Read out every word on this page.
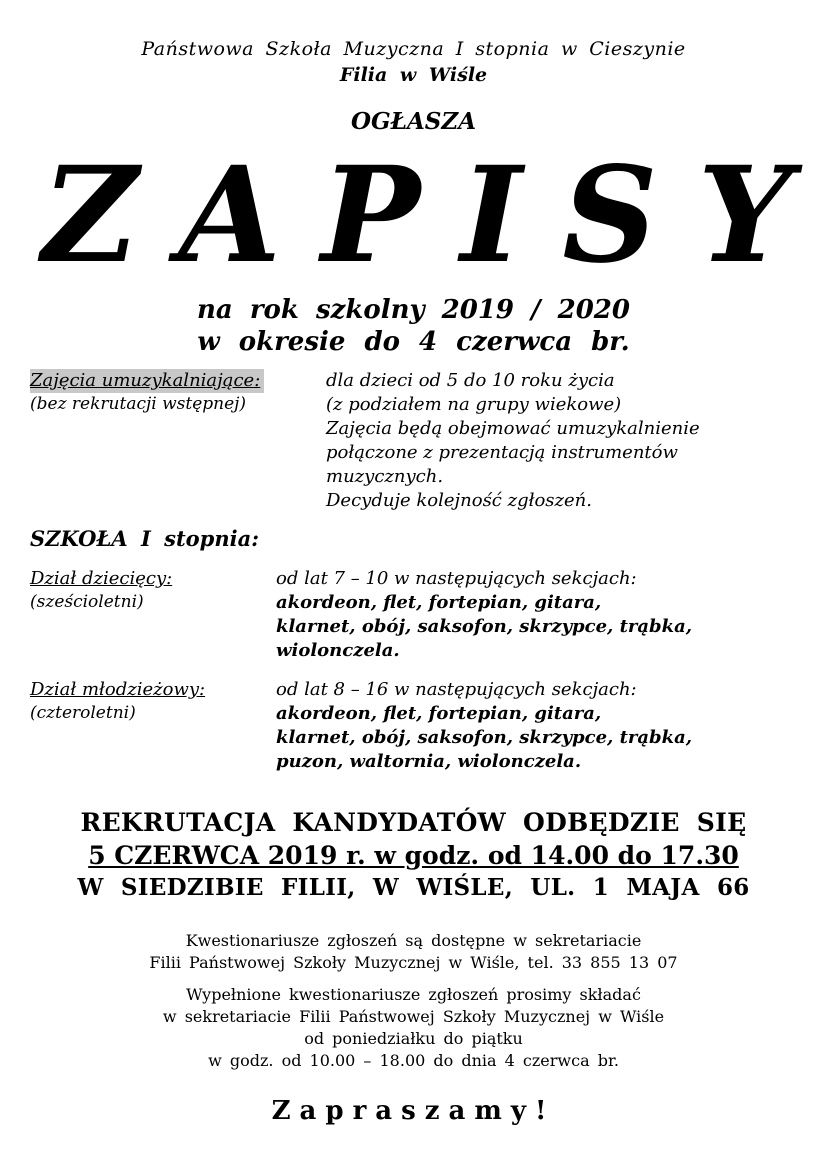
Państwowa Szkoła Muzyczna I stopnia w Cieszynie
Filia w Wiśle
OGŁASZA
Z A P I S Y
na rok szkolny 2019 / 2020
w okresie do 4 czerwca br.
Zajęcia umuzykalniające:
(bez rekrutacji wstępnej)
dla dzieci od 5 do 10 roku życia
(z podziałem na grupy wiekowe)
Zajęcia będą obejmować umuzykalnienie
połączone z prezentacją instrumentów
muzycznych.
Decyduje kolejność zgłoszeń.
SZKOŁA I stopnia:
Dział dziecięcy:
(sześcioletni)
od lat 7 – 10 w następujących sekcjach:
akordeon, flet, fortepian, gitara,
klarnet, obój, saksofon, skrzypce, trąbka,
wiolonczela.
Dział młodzieżowy:
(czteroletni)
od lat 8 – 16 w następujących sekcjach:
akordeon, flet, fortepian, gitara,
klarnet, obój, saksofon, skrzypce, trąbka,
puzon, waltornia, wiolonczela.
REKRUTACJA KANDYDATÓW ODBĘDZIE SIĘ
5 CZERWCA 2019 r. w godz. od 14.00 do 17.30
W SIEDZIBIE FILII, W WIŚLE, UL. 1 MAJA 66
Kwestionariusze zgłoszeń są dostępne w sekretariacie
Filii Państwowej Szkoły Muzycznej w Wiśle, tel. 33 855 13 07
Wypełnione kwestionariusze zgłoszeń prosimy składać
w sekretariacie Filii Państwowej Szkoły Muzycznej w Wiśle
od poniedziałku do piątku
w godz. od 10.00 – 18.00 do dnia 4 czerwca br.
Zapraszamy!
